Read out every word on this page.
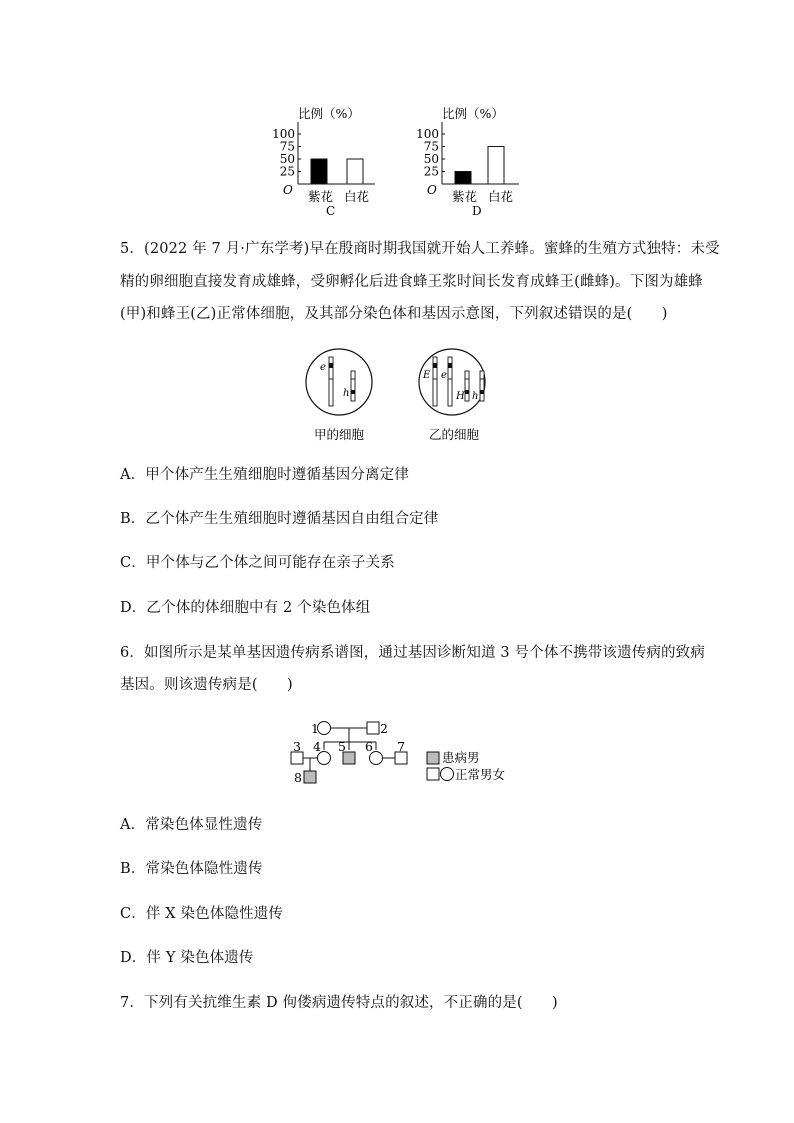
比例（%）
O 紫花 白花
C
100
75
50
25
比例（%）
O 紫花 白花
D
100
75
50
25
5．(2022 年 7 月·广东学考)早在殷商时期我国就开始人工养蜂。蜜蜂的生殖方式独特：未受
精的卵细胞直接发育成雄蜂，受卵孵化后进食蜂王浆时间长发育成蜂王(雌蜂)。下图为雄蜂
(甲)和蜂王(乙)正常体细胞，及其部分染色体和基因示意图，下列叙述错误的是(　　)
e
h
甲的细胞
E e
H h
乙的细胞
A．甲个体产生生殖细胞时遵循基因分离定律
B．乙个体产生生殖细胞时遵循基因自由组合定律
C．甲个体与乙个体之间可能存在亲子关系
D．乙个体的体细胞中有 2 个染色体组
6．如图所示是某单基因遗传病系谱图，通过基因诊断知道 3 号个体不携带该遗传病的致病
基因。则该遗传病是(　　)
1	2
3 4 5 6 7
8
患病男
正常男女
A．常染色体显性遗传
B．常染色体隐性遗传
C．伴 X 染色体隐性遗传
D．伴 Y 染色体遗传
7．下列有关抗维生素 D 佝偻病遗传特点的叙述，不正确的是(　　)
